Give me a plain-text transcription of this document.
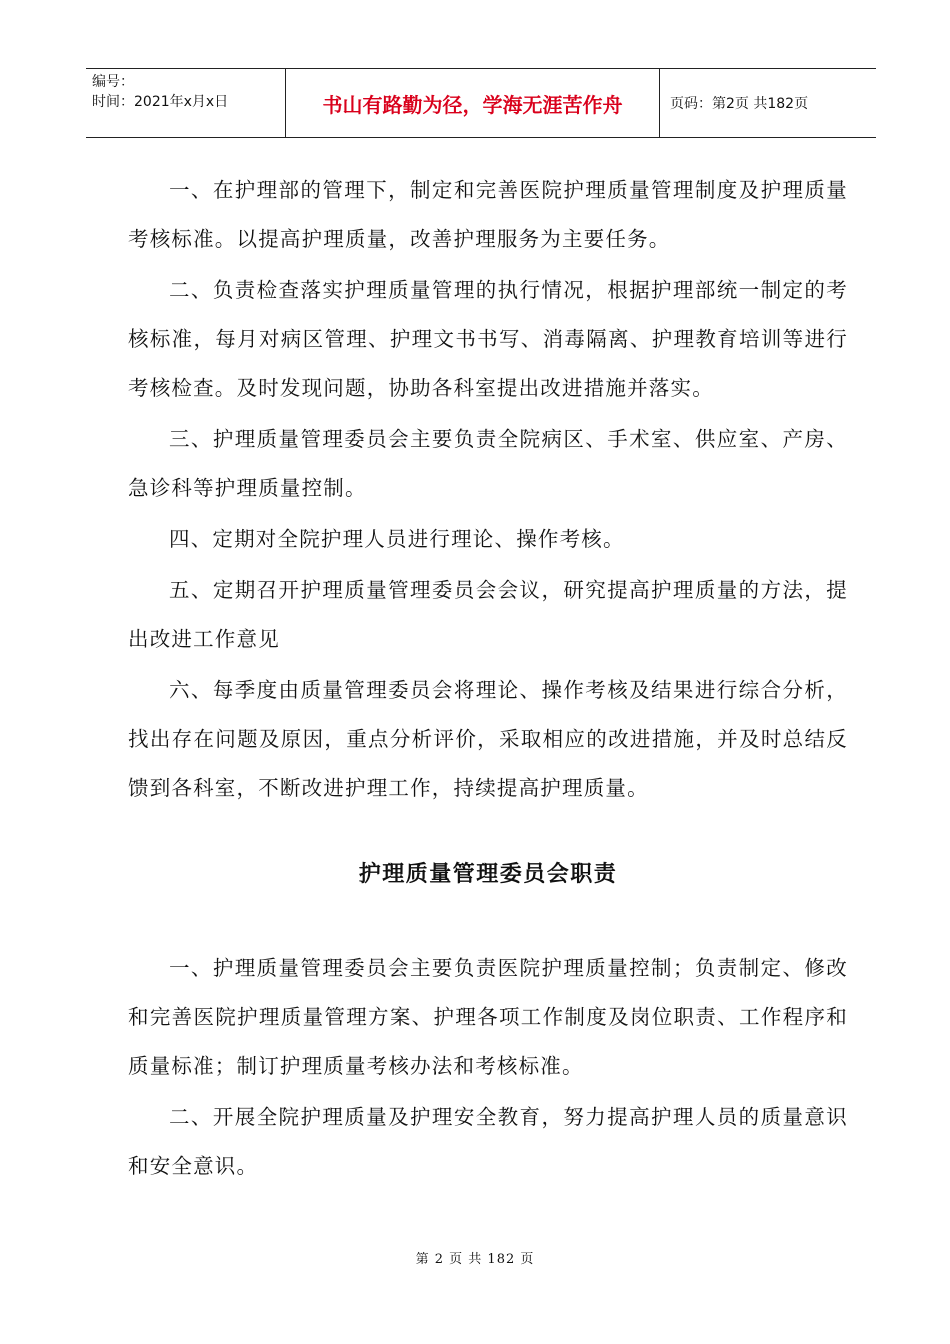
编号：
时间：2021年x月x日	书山有路勤为径，学海无涯苦作舟	页码：第2页 共182页

一、在护理部的管理下，制定和完善医院护理质量管理制度及护理质量考核标准。以提高护理质量，改善护理服务为主要任务。

二、负责检查落实护理质量管理的执行情况，根据护理部统一制定的考核标准，每月对病区管理、护理文书书写、消毒隔离、护理教育培训等进行考核检查。及时发现问题，协助各科室提出改进措施并落实。

三、护理质量管理委员会主要负责全院病区、手术室、供应室、产房、急诊科等护理质量控制。

四、定期对全院护理人员进行理论、操作考核。

五、定期召开护理质量管理委员会会议，研究提高护理质量的方法，提出改进工作意见

六、每季度由质量管理委员会将理论、操作考核及结果进行综合分析，找出存在问题及原因，重点分析评价，采取相应的改进措施，并及时总结反馈到各科室，不断改进护理工作，持续提高护理质量。

护理质量管理委员会职责

一、护理质量管理委员会主要负责医院护理质量控制；负责制定、修改和完善医院护理质量管理方案、护理各项工作制度及岗位职责、工作程序和质量标准；制订护理质量考核办法和考核标准。

二、开展全院护理质量及护理安全教育，努力提高护理人员的质量意识和安全意识。

第 2 页 共 182 页
